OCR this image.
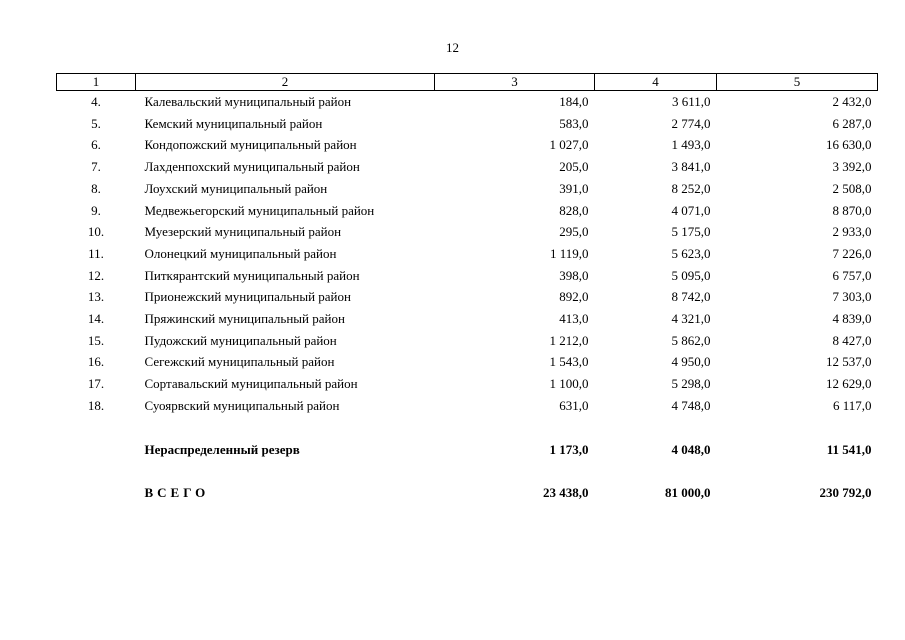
12
1	2	3	4	5
4.	Калевальский муниципальный район	184,0	3 611,0	2 432,0
5.	Кемский муниципальный район	583,0	2 774,0	6 287,0
6.	Кондопожский муниципальный район	1 027,0	1 493,0	16 630,0
7.	Лахденпохский муниципальный район	205,0	3 841,0	3 392,0
8.	Лоухский муниципальный район	391,0	8 252,0	2 508,0
9.	Медвежьегорский муниципальный район	828,0	4 071,0	8 870,0
10.	Муезерский муниципальный район	295,0	5 175,0	2 933,0
11.	Олонецкий муниципальный район	1 119,0	5 623,0	7 226,0
12.	Питкярантский муниципальный район	398,0	5 095,0	6 757,0
13.	Прионежский муниципальный район	892,0	8 742,0	7 303,0
14.	Пряжинский муниципальный район	413,0	4 321,0	4 839,0
15.	Пудожский муниципальный район	1 212,0	5 862,0	8 427,0
16.	Сегежский муниципальный район	1 543,0	4 950,0	12 537,0
17.	Сортавальский муниципальный район	1 100,0	5 298,0	12 629,0
18.	Суоярвский муниципальный район	631,0	4 748,0	6 117,0

	Нераспределенный резерв	1 173,0	4 048,0	11 541,0

	ВСЕГО	23 438,0	81 000,0	230 792,0
